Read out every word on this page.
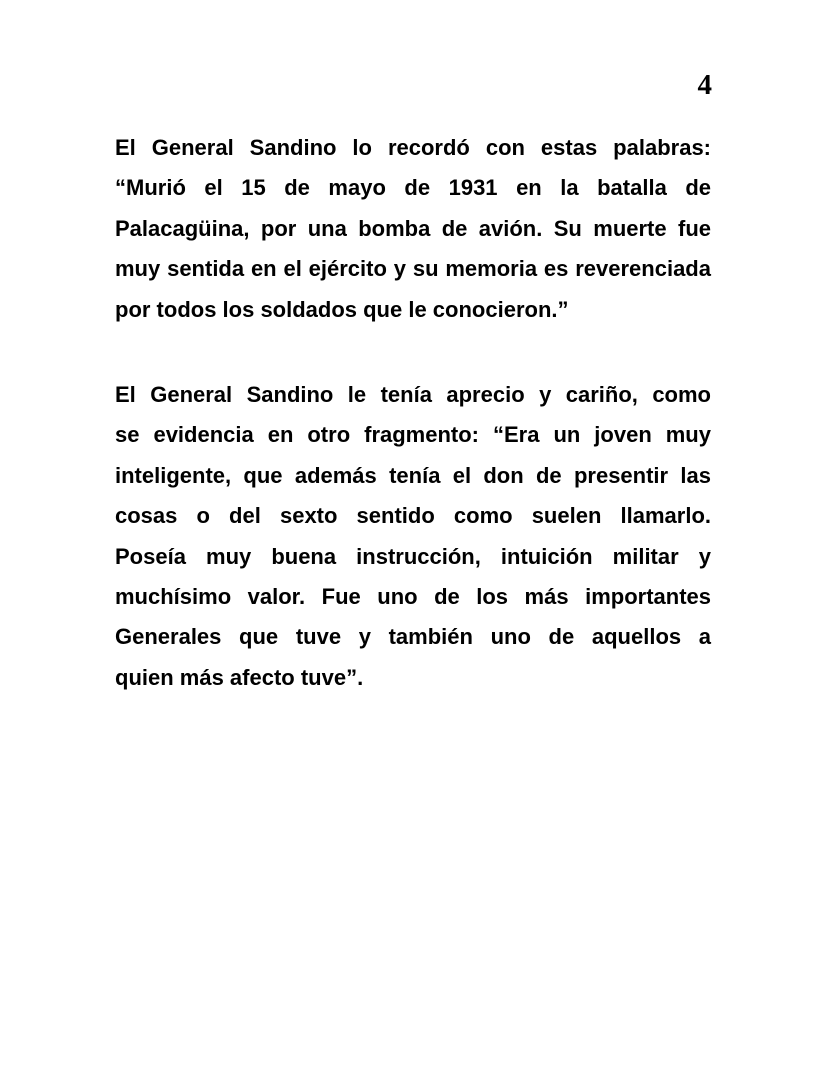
4
El General Sandino lo recordó con estas palabras:
“Murió el 15 de mayo de 1931 en la batalla de
Palacagüina, por una bomba de avión. Su muerte fue
muy sentida en el ejército y su memoria es reverenciada
por todos los soldados que le conocieron.”
El General Sandino le tenía aprecio y cariño, como
se evidencia en otro fragmento: “Era un joven muy
inteligente, que además tenía el don de presentir las
cosas o del sexto sentido como suelen llamarlo.
Poseía muy buena instrucción, intuición militar y
muchísimo valor. Fue uno de los más importantes
Generales que tuve y también uno de aquellos a
quien más afecto tuve”.
